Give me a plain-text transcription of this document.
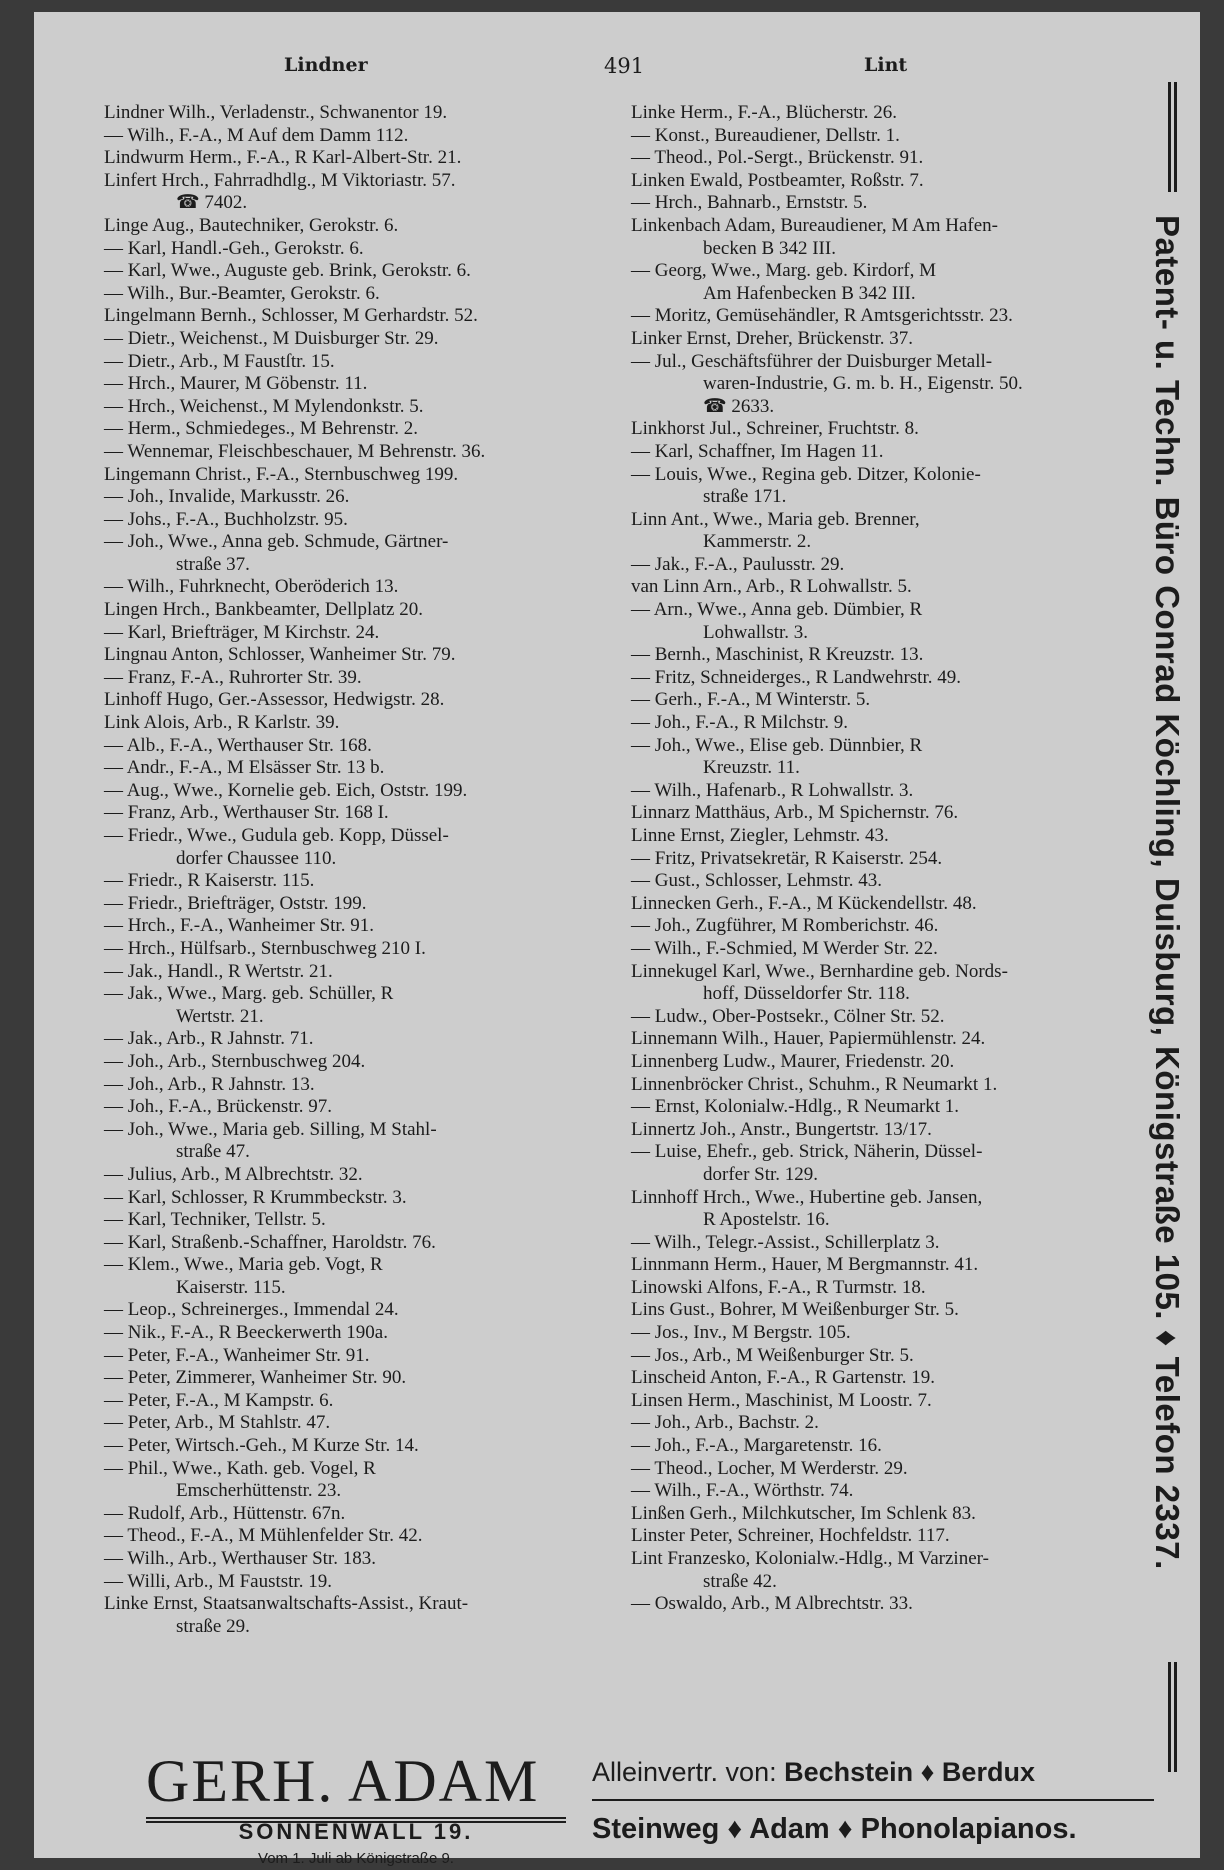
Lindner	491	Lint
Lindner Wilh., Verladenstr., Schwanentor 19.
— Wilh., F.-A., M Auf dem Damm 112.
Lindwurm Herm., F.-A., R Karl-Albert-Str. 21.
Linfert Hrch., Fahrradhdlg., M Viktoriastr. 57.
☎ 7402.
Linge Aug., Bautechniker, Gerokstr. 6.
— Karl, Handl.-Geh., Gerokstr. 6.
— Karl, Wwe., Auguste geb. Brink, Gerokstr. 6.
— Wilh., Bur.-Beamter, Gerokstr. 6.
Lingelmann Bernh., Schlosser, M Gerhardstr. 52.
— Dietr., Weichenst., M Duisburger Str. 29.
— Dietr., Arb., M Faustſtr. 15.
— Hrch., Maurer, M Göbenstr. 11.
— Hrch., Weichenst., M Mylendonkstr. 5.
— Herm., Schmiedeges., M Behrenstr. 2.
— Wennemar, Fleischbeschauer, M Behrenstr. 36.
Lingemann Christ., F.-A., Sternbuschweg 199.
— Joh., Invalide, Markusstr. 26.
— Johs., F.-A., Buchholzstr. 95.
— Joh., Wwe., Anna geb. Schmude, Gärtner-
straße 37.
— Wilh., Fuhrknecht, Oberöderich 13.
Lingen Hrch., Bankbeamter, Dellplatz 20.
— Karl, Briefträger, M Kirchstr. 24.
Lingnau Anton, Schlosser, Wanheimer Str. 79.
— Franz, F.-A., Ruhrorter Str. 39.
Linhoff Hugo, Ger.-Assessor, Hedwigstr. 28.
Link Alois, Arb., R Karlstr. 39.
— Alb., F.-A., Werthauser Str. 168.
— Andr., F.-A., M Elsässer Str. 13 b.
— Aug., Wwe., Kornelie geb. Eich, Oststr. 199.
— Franz, Arb., Werthauser Str. 168 I.
— Friedr., Wwe., Gudula geb. Kopp, Düssel-
dorfer Chaussee 110.
— Friedr., R Kaiserstr. 115.
— Friedr., Briefträger, Oststr. 199.
— Hrch., F.-A., Wanheimer Str. 91.
— Hrch., Hülfsarb., Sternbuschweg 210 I.
— Jak., Handl., R Wertstr. 21.
— Jak., Wwe., Marg. geb. Schüller, R
Wertstr. 21.
— Jak., Arb., R Jahnstr. 71.
— Joh., Arb., Sternbuschweg 204.
— Joh., Arb., R Jahnstr. 13.
— Joh., F.-A., Brückenstr. 97.
— Joh., Wwe., Maria geb. Silling, M Stahl-
straße 47.
— Julius, Arb., M Albrechtstr. 32.
— Karl, Schlosser, R Krummbeckstr. 3.
— Karl, Techniker, Tellstr. 5.
— Karl, Straßenb.-Schaffner, Haroldstr. 76.
— Klem., Wwe., Maria geb. Vogt, R
Kaiserstr. 115.
— Leop., Schreinerges., Immendal 24.
— Nik., F.-A., R Beeckerwerth 190a.
— Peter, F.-A., Wanheimer Str. 91.
— Peter, Zimmerer, Wanheimer Str. 90.
— Peter, F.-A., M Kampstr. 6.
— Peter, Arb., M Stahlstr. 47.
— Peter, Wirtsch.-Geh., M Kurze Str. 14.
— Phil., Wwe., Kath. geb. Vogel, R
Emscherhüttenstr. 23.
— Rudolf, Arb., Hüttenstr. 67n.
— Theod., F.-A., M Mühlenfelder Str. 42.
— Wilh., Arb., Werthauser Str. 183.
— Willi, Arb., M Fauststr. 19.
Linke Ernst, Staatsanwaltschafts-Assist., Kraut-
straße 29.
Linke Herm., F.-A., Blücherstr. 26.
— Konst., Bureaudiener, Dellstr. 1.
— Theod., Pol.-Sergt., Brückenstr. 91.
Linken Ewald, Postbeamter, Roßstr. 7.
— Hrch., Bahnarb., Ernststr. 5.
Linkenbach Adam, Bureaudiener, M Am Hafen-
becken B 342 III.
— Georg, Wwe., Marg. geb. Kirdorf, M
Am Hafenbecken B 342 III.
— Moritz, Gemüsehändler, R Amtsgerichtsstr. 23.
Linker Ernst, Dreher, Brückenstr. 37.
— Jul., Geschäftsführer der Duisburger Metall-
waren-Industrie, G. m. b. H., Eigenstr. 50.
☎ 2633.
Linkhorst Jul., Schreiner, Fruchtstr. 8.
— Karl, Schaffner, Im Hagen 11.
— Louis, Wwe., Regina geb. Ditzer, Kolonie-
straße 171.
Linn Ant., Wwe., Maria geb. Brenner,
Kammerstr. 2.
— Jak., F.-A., Paulusstr. 29.
van Linn Arn., Arb., R Lohwallstr. 5.
— Arn., Wwe., Anna geb. Dümbier, R
Lohwallstr. 3.
— Bernh., Maschinist, R Kreuzstr. 13.
— Fritz, Schneiderges., R Landwehrstr. 49.
— Gerh., F.-A., M Winterstr. 5.
— Joh., F.-A., R Milchstr. 9.
— Joh., Wwe., Elise geb. Dünnbier, R
Kreuzstr. 11.
— Wilh., Hafenarb., R Lohwallstr. 3.
Linnarz Matthäus, Arb., M Spichernstr. 76.
Linne Ernst, Ziegler, Lehmstr. 43.
— Fritz, Privatsekretär, R Kaiserstr. 254.
— Gust., Schlosser, Lehmstr. 43.
Linnecken Gerh., F.-A., M Kückendellstr. 48.
— Joh., Zugführer, M Romberichstr. 46.
— Wilh., F.-Schmied, M Werder Str. 22.
Linnekugel Karl, Wwe., Bernhardine geb. Nords-
hoff, Düsseldorfer Str. 118.
— Ludw., Ober-Postsekr., Cölner Str. 52.
Linnemann Wilh., Hauer, Papiermühlenstr. 24.
Linnenberg Ludw., Maurer, Friedenstr. 20.
Linnenbröcker Christ., Schuhm., R Neumarkt 1.
— Ernst, Kolonialw.-Hdlg., R Neumarkt 1.
Linnertz Joh., Anstr., Bungertstr. 13/17.
— Luise, Ehefr., geb. Strick, Näherin, Düssel-
dorfer Str. 129.
Linnhoff Hrch., Wwe., Hubertine geb. Jansen,
R Apostelstr. 16.
— Wilh., Telegr.-Assist., Schillerplatz 3.
Linnmann Herm., Hauer, M Bergmannstr. 41.
Linowski Alfons, F.-A., R Turmstr. 18.
Lins Gust., Bohrer, M Weißenburger Str. 5.
— Jos., Inv., M Bergstr. 105.
— Jos., Arb., M Weißenburger Str. 5.
Linscheid Anton, F.-A., R Gartenstr. 19.
Linsen Herm., Maschinist, M Loostr. 7.
— Joh., Arb., Bachstr. 2.
— Joh., F.-A., Margaretenstr. 16.
— Theod., Locher, M Werderstr. 29.
— Wilh., F.-A., Wörthstr. 74.
Linßen Gerh., Milchkutscher, Im Schlenk 83.
Linster Peter, Schreiner, Hochfeldstr. 117.
Lint Franzesko, Kolonialw.-Hdlg., M Varziner-
straße 42.
— Oswaldo, Arb., M Albrechtstr. 33.
Patent- u. Techn. Büro Conrad Köchling, Duisburg, Königstraße 105. ♦ Telefon 2337.
GERH. ADAM
SONNENWALL 19.
Vom 1. Juli ab Königstraße 9.
Alleinvertr. von: Bechstein ♦ Berdux
Steinweg ♦ Adam ♦ Phonolapianos.
